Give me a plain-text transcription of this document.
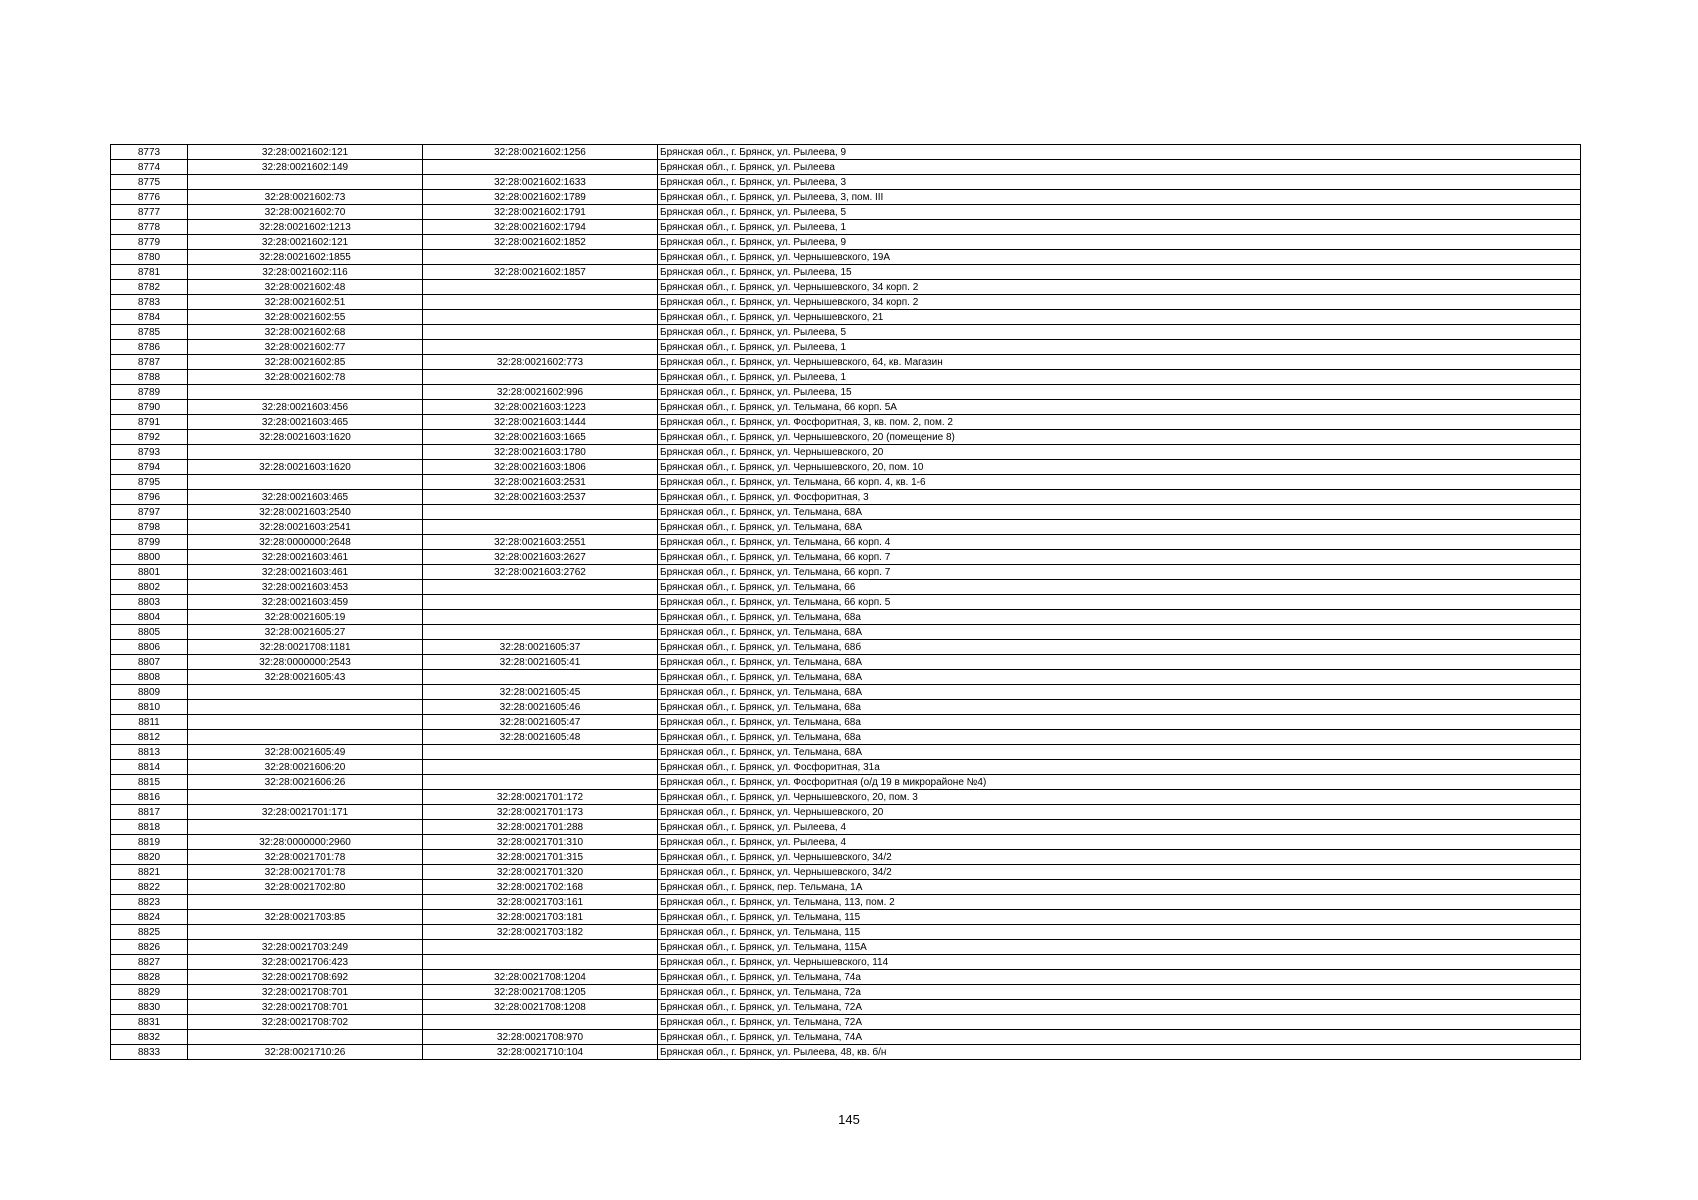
8773	32:28:0021602:121	32:28:0021602:1256	Брянская обл., г. Брянск, ул. Рылеева, 9
8774	32:28:0021602:149		Брянская обл., г. Брянск, ул. Рылеева
8775		32:28:0021602:1633	Брянская обл., г. Брянск, ул. Рылеева, 3
8776	32:28:0021602:73	32:28:0021602:1789	Брянская обл., г. Брянск, ул. Рылеева, 3, пом. III
8777	32:28:0021602:70	32:28:0021602:1791	Брянская обл., г. Брянск, ул. Рылеева, 5
8778	32:28:0021602:1213	32:28:0021602:1794	Брянская обл., г. Брянск, ул. Рылеева, 1
8779	32:28:0021602:121	32:28:0021602:1852	Брянская обл., г. Брянск, ул. Рылеева, 9
8780	32:28:0021602:1855		Брянская обл., г. Брянск, ул. Чернышевского, 19А
8781	32:28:0021602:116	32:28:0021602:1857	Брянская обл., г. Брянск, ул. Рылеева, 15
8782	32:28:0021602:48		Брянская обл., г. Брянск, ул. Чернышевского, 34 корп. 2
8783	32:28:0021602:51		Брянская обл., г. Брянск, ул. Чернышевского, 34 корп. 2
8784	32:28:0021602:55		Брянская обл., г. Брянск, ул. Чернышевского, 21
8785	32:28:0021602:68		Брянская обл., г. Брянск, ул. Рылеева, 5
8786	32:28:0021602:77		Брянская обл., г. Брянск, ул. Рылеева, 1
8787	32:28:0021602:85	32:28:0021602:773	Брянская обл., г. Брянск, ул. Чернышевского, 64, кв. Магазин
8788	32:28:0021602:78		Брянская обл., г. Брянск, ул. Рылеева, 1
8789		32:28:0021602:996	Брянская обл., г. Брянск, ул. Рылеева, 15
8790	32:28:0021603:456	32:28:0021603:1223	Брянская обл., г. Брянск, ул. Тельмана, 66 корп. 5А
8791	32:28:0021603:465	32:28:0021603:1444	Брянская обл., г. Брянск, ул. Фосфоритная, 3, кв. пом. 2, пом. 2
8792	32:28:0021603:1620	32:28:0021603:1665	Брянская обл., г. Брянск, ул. Чернышевского, 20 (помещение 8)
8793		32:28:0021603:1780	Брянская обл., г. Брянск, ул. Чернышевского, 20
8794	32:28:0021603:1620	32:28:0021603:1806	Брянская обл., г. Брянск, ул. Чернышевского, 20, пом. 10
8795		32:28:0021603:2531	Брянская обл., г. Брянск, ул. Тельмана, 66 корп. 4, кв. 1-6
8796	32:28:0021603:465	32:28:0021603:2537	Брянская обл., г. Брянск, ул. Фосфоритная, 3
8797	32:28:0021603:2540		Брянская обл., г. Брянск, ул. Тельмана, 68А
8798	32:28:0021603:2541		Брянская обл., г. Брянск, ул. Тельмана, 68А
8799	32:28:0000000:2648	32:28:0021603:2551	Брянская обл., г. Брянск, ул. Тельмана, 66 корп. 4
8800	32:28:0021603:461	32:28:0021603:2627	Брянская обл., г. Брянск, ул. Тельмана, 66 корп. 7
8801	32:28:0021603:461	32:28:0021603:2762	Брянская обл., г. Брянск, ул. Тельмана, 66 корп. 7
8802	32:28:0021603:453		Брянская обл., г. Брянск, ул. Тельмана, 66
8803	32:28:0021603:459		Брянская обл., г. Брянск, ул. Тельмана, 66 корп. 5
8804	32:28:0021605:19		Брянская обл., г. Брянск, ул. Тельмана, 68а
8805	32:28:0021605:27		Брянская обл., г. Брянск, ул. Тельмана, 68А
8806	32:28:0021708:1181	32:28:0021605:37	Брянская обл., г. Брянск, ул. Тельмана, 68б
8807	32:28:0000000:2543	32:28:0021605:41	Брянская обл., г. Брянск, ул. Тельмана, 68А
8808	32:28:0021605:43		Брянская обл., г. Брянск, ул. Тельмана, 68А
8809		32:28:0021605:45	Брянская обл., г. Брянск, ул. Тельмана, 68А
8810		32:28:0021605:46	Брянская обл., г. Брянск, ул. Тельмана, 68а
8811		32:28:0021605:47	Брянская обл., г. Брянск, ул. Тельмана, 68а
8812		32:28:0021605:48	Брянская обл., г. Брянск, ул. Тельмана, 68а
8813	32:28:0021605:49		Брянская обл., г. Брянск, ул. Тельмана, 68А
8814	32:28:0021606:20		Брянская обл., г. Брянск, ул. Фосфоритная, 31а
8815	32:28:0021606:26		Брянская обл., г. Брянск, ул. Фосфоритная (о/д 19 в микрорайоне №4)
8816		32:28:0021701:172	Брянская обл., г. Брянск, ул. Чернышевского, 20, пом. 3
8817	32:28:0021701:171	32:28:0021701:173	Брянская обл., г. Брянск, ул. Чернышевского, 20
8818		32:28:0021701:288	Брянская обл., г. Брянск, ул. Рылеева, 4
8819	32:28:0000000:2960	32:28:0021701:310	Брянская обл., г. Брянск, ул. Рылеева, 4
8820	32:28:0021701:78	32:28:0021701:315	Брянская обл., г. Брянск, ул. Чернышевского, 34/2
8821	32:28:0021701:78	32:28:0021701:320	Брянская обл., г. Брянск, ул. Чернышевского, 34/2
8822	32:28:0021702:80	32:28:0021702:168	Брянская обл., г. Брянск, пер. Тельмана, 1А
8823		32:28:0021703:161	Брянская обл., г. Брянск, ул. Тельмана, 113, пом. 2
8824	32:28:0021703:85	32:28:0021703:181	Брянская обл., г. Брянск, ул. Тельмана, 115
8825		32:28:0021703:182	Брянская обл., г. Брянск, ул. Тельмана, 115
8826	32:28:0021703:249		Брянская обл., г. Брянск, ул. Тельмана, 115А
8827	32:28:0021706:423		Брянская обл., г. Брянск, ул. Чернышевского, 114
8828	32:28:0021708:692	32:28:0021708:1204	Брянская обл., г. Брянск, ул. Тельмана, 74а
8829	32:28:0021708:701	32:28:0021708:1205	Брянская обл., г. Брянск, ул. Тельмана, 72а
8830	32:28:0021708:701	32:28:0021708:1208	Брянская обл., г. Брянск, ул. Тельмана, 72А
8831	32:28:0021708:702		Брянская обл., г. Брянск, ул. Тельмана, 72А
8832		32:28:0021708:970	Брянская обл., г. Брянск, ул. Тельмана, 74А
8833	32:28:0021710:26	32:28:0021710:104	Брянская обл., г. Брянск, ул. Рылеева, 48, кв. б/н
145
